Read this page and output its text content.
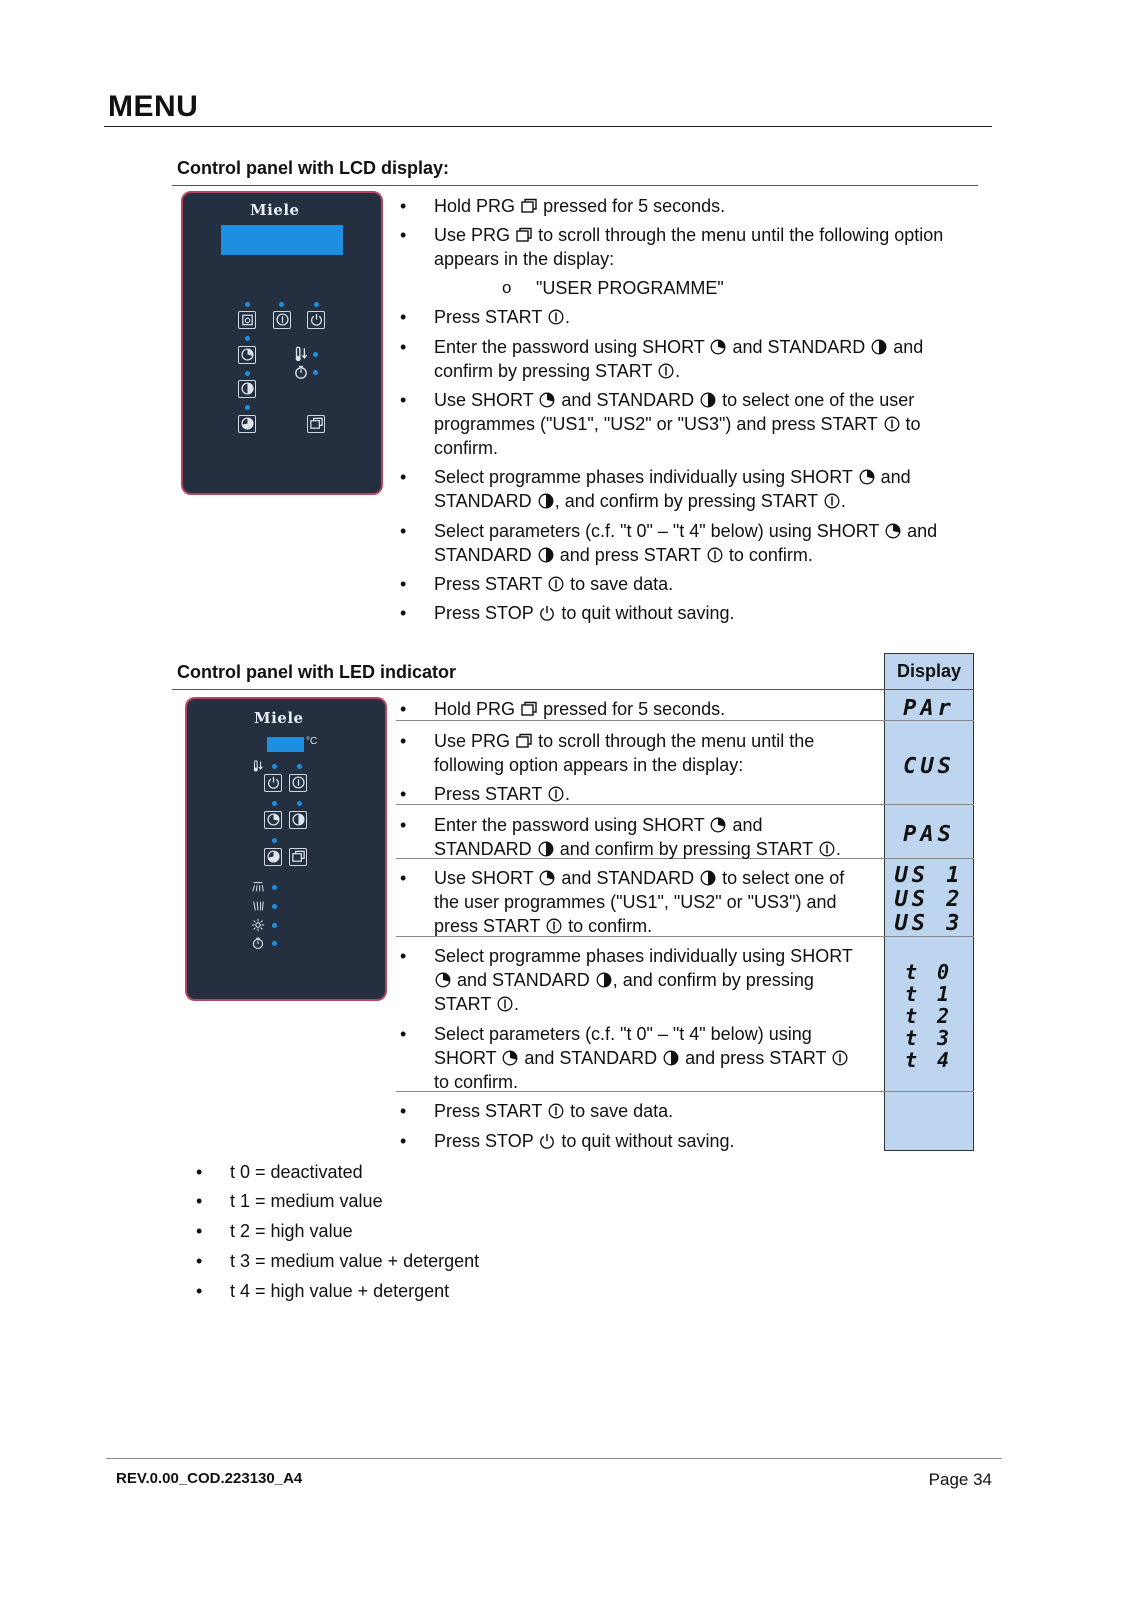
MENU
Control panel with LCD display:
Miele
•	Hold PRG pressed for 5 seconds.
• Use PRG to scroll through the menu until the following option
appears in the display:
o "USER PROGRAMME"
• Press START .
• Enter the password using SHORT and STANDARD and
confirm by pressing START .
• Use SHORT and STANDARD to select one of the user
programmes ("US1", "US2" or "US3") and press START to
confirm.
• Select programme phases individually using SHORT and
STANDARD , and confirm by pressing START .
• Select parameters (c.f. "t 0" – "t 4" below) using SHORT and
STANDARD and press START to confirm.
• Press START to save data.
• Press STOP to quit without saving.
Control panel with LED indicator	Display
Miele
°C
• Hold PRG pressed for 5 seconds.	PAr
• Use PRG to scroll through the menu until the
following option appears in the display:
• Press START .
CUS
• Enter the password using SHORT and
STANDARD and confirm by pressing START .
PAS
• Use SHORT and STANDARD to select one of
the user programmes ("US1", "US2" or "US3") and
press START to confirm.
US 1
US 2
US 3
• Select programme phases individually using SHORT

and STANDARD , and confirm by pressing
START .
• Select parameters (c.f. "t 0" – "t 4" below) using
SHORT and STANDARD and press START

to confirm.
t 0
t 1
t 2
t 3
t 4
• Press START to save data.
• Press STOP to quit without saving.
• t 0 = deactivated
• t 1 = medium value
• t 2 = high value
• t 3 = medium value + detergent
• t 4 = high value + detergent
REV.0.00_COD.223130_A4	Page 34
